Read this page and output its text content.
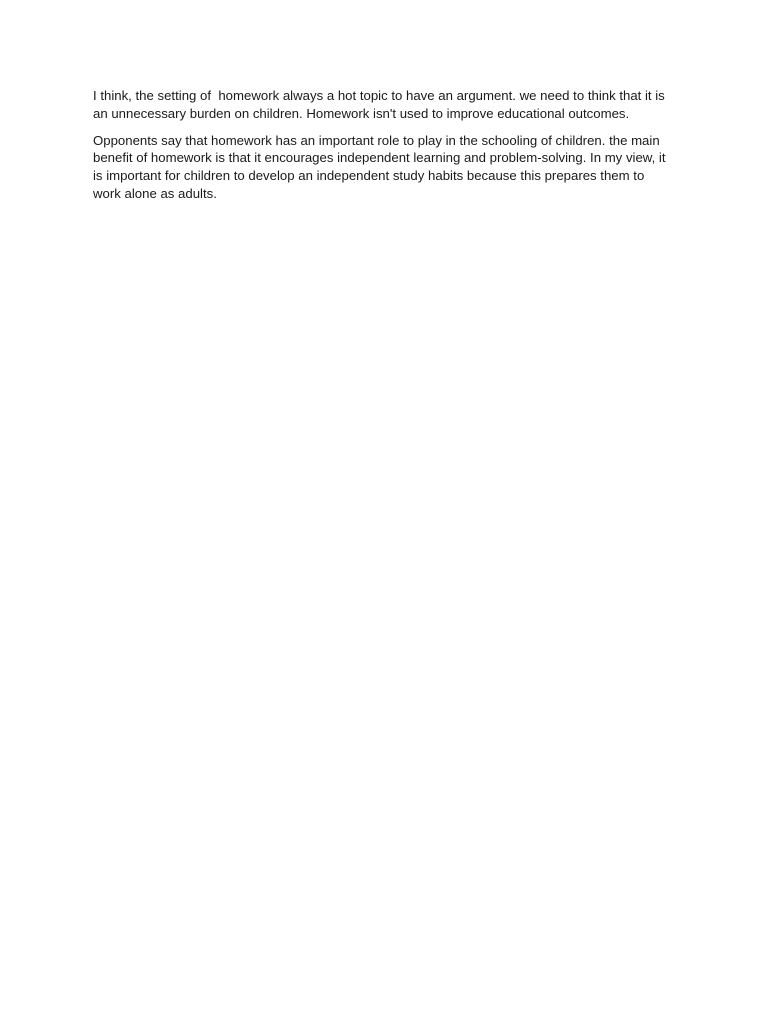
I think, the setting of  homework always a hot topic to have an argument. we need to think that it is an unnecessary burden on children. Homework isn't used to improve educational outcomes.

Opponents say that homework has an important role to play in the schooling of children. the main benefit of homework is that it encourages independent learning and problem-solving. In my view, it is important for children to develop an independent study habits because this prepares them to work alone as adults.
